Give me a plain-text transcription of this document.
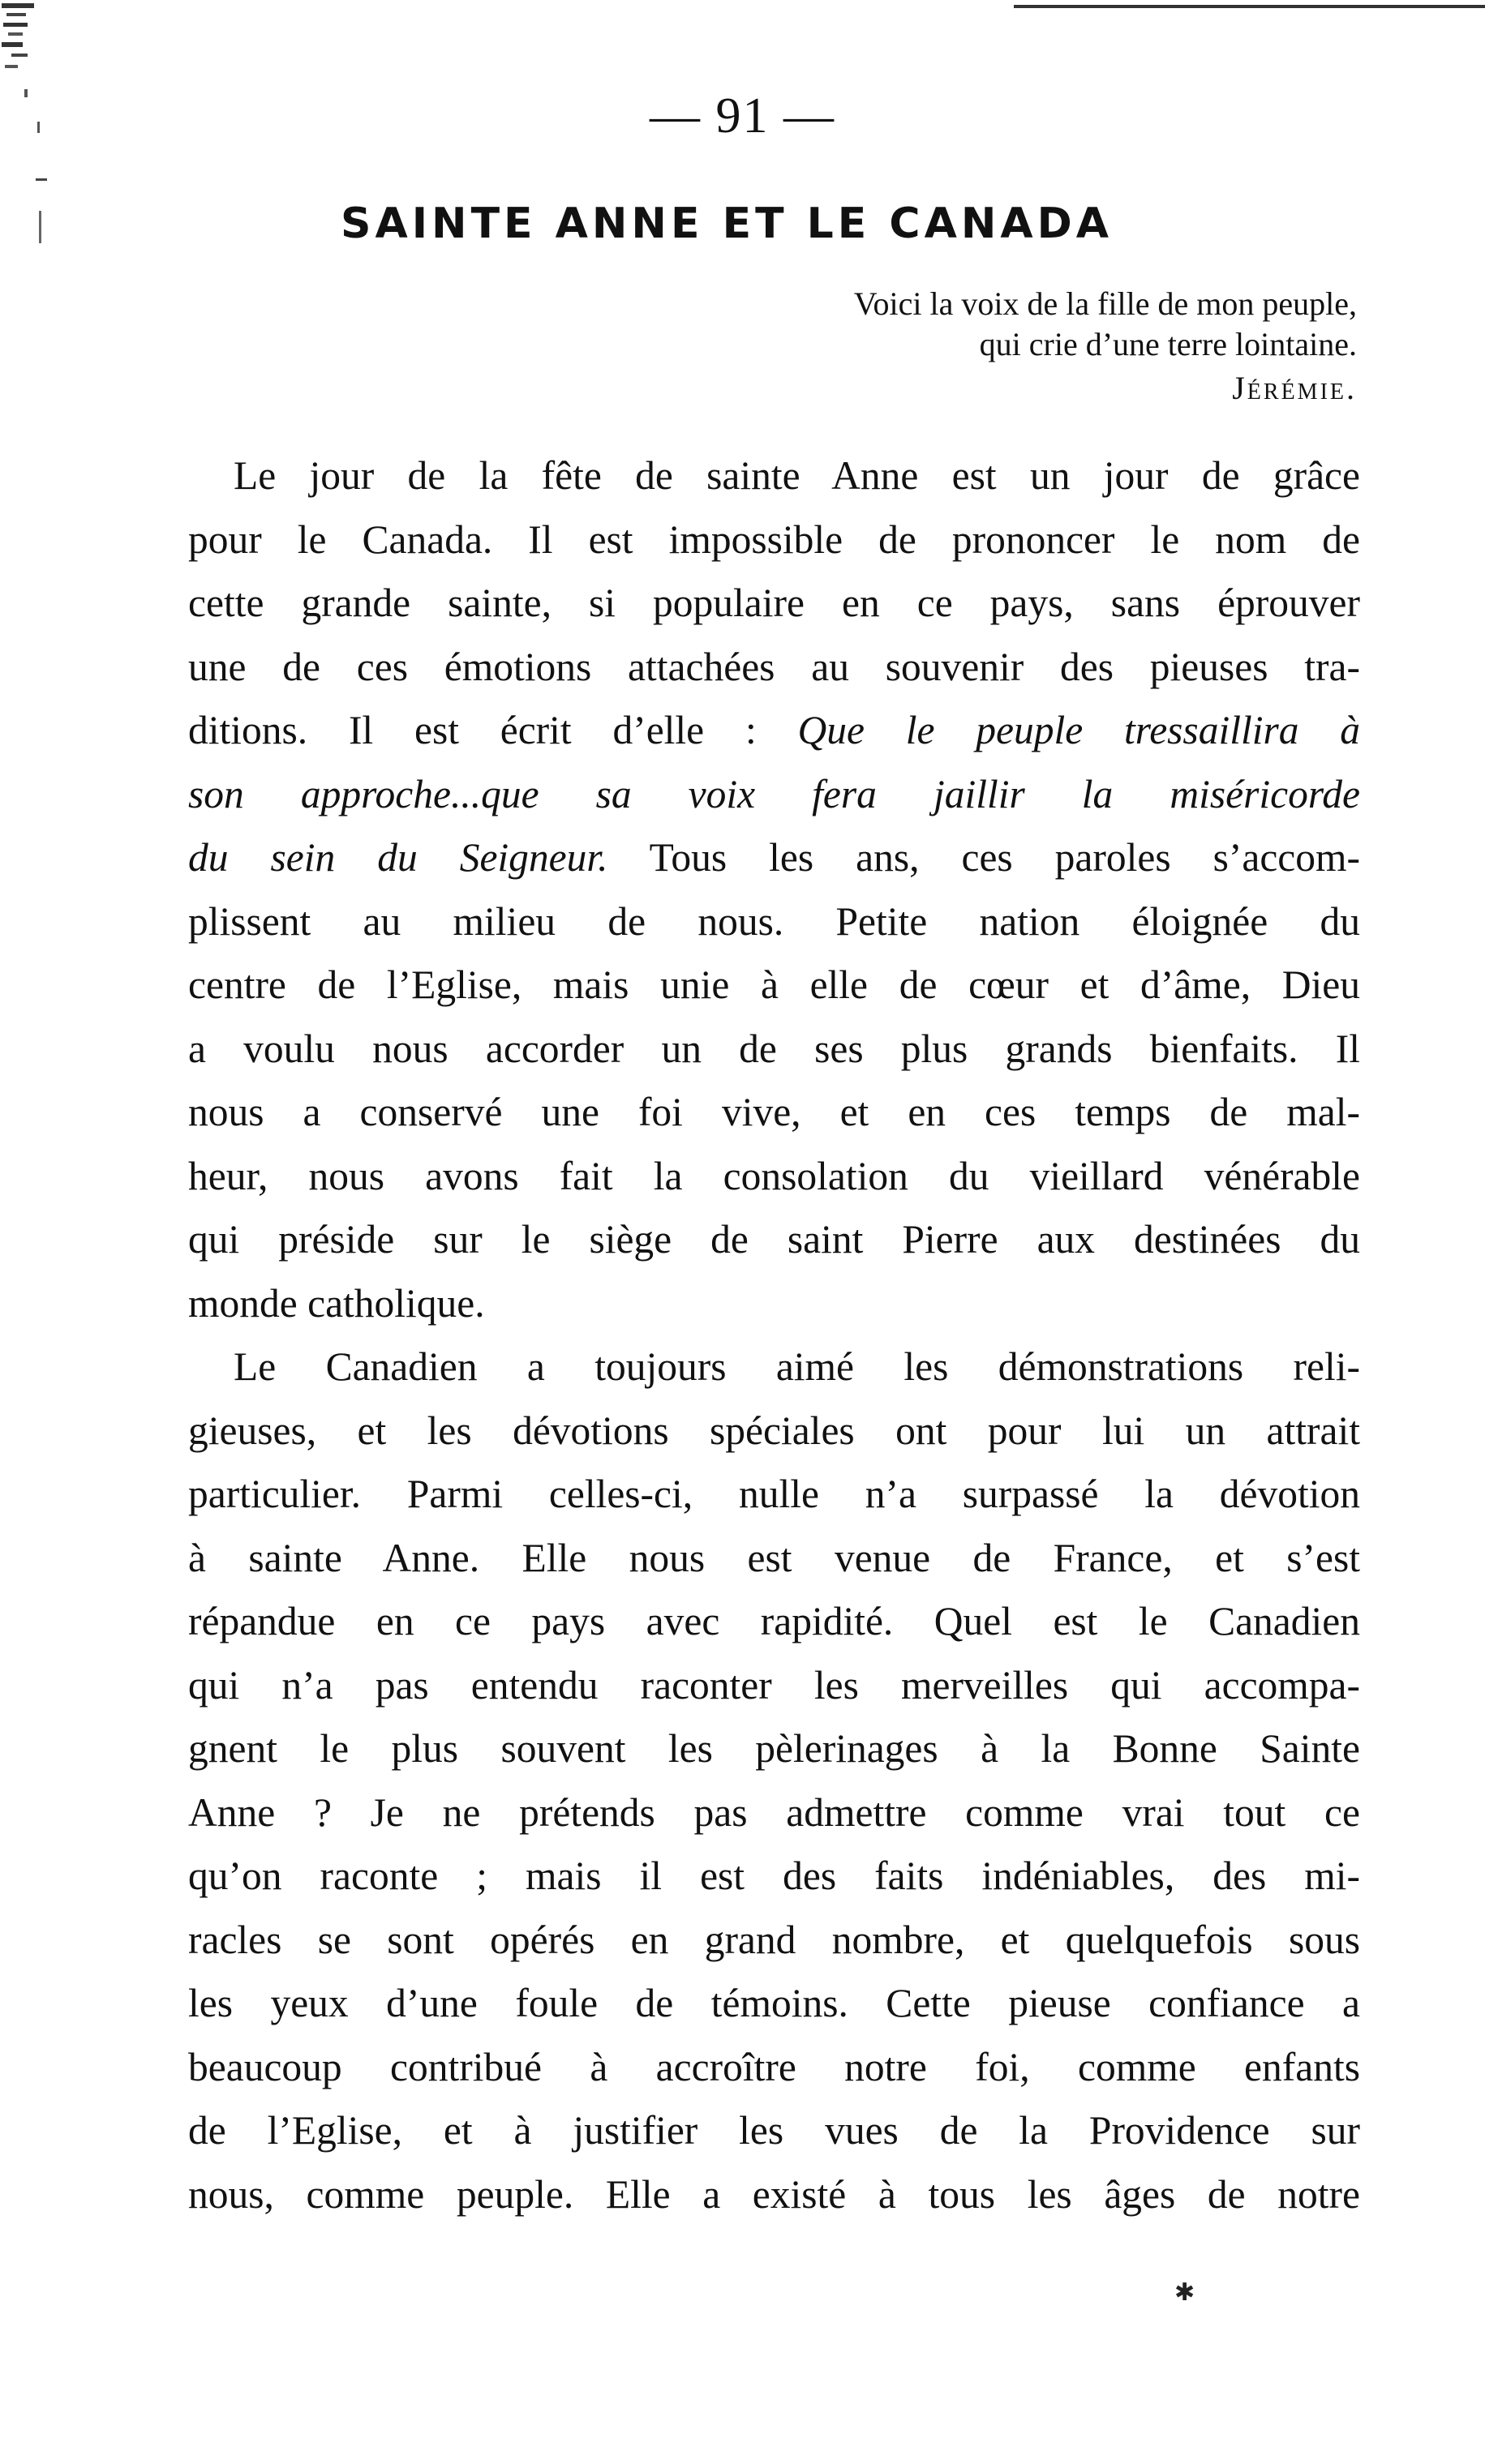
— 91 —
SAINTE ANNE ET LE CANADA
Voici la voix de la fille de mon peuple,
qui crie d’une terre lointaine.
Jérémie.
Le jour de la fête de sainte Anne est un jour de grâce
pour le Canada. Il est impossible de prononcer le nom de
cette grande sainte, si populaire en ce pays, sans éprouver
une de ces émotions attachées au souvenir des pieuses tra-
ditions. Il est écrit d’elle : Que le peuple tressaillira à
son approche...que sa voix fera jaillir la miséricorde
du sein du Seigneur. Tous les ans, ces paroles s’accom-
plissent au milieu de nous. Petite nation éloignée du
centre de l’Eglise, mais unie à elle de cœur et d’âme, Dieu
a voulu nous accorder un de ses plus grands bienfaits. Il
nous a conservé une foi vive, et en ces temps de mal-
heur, nous avons fait la consolation du vieillard vénérable
qui préside sur le siège de saint Pierre aux destinées du
monde catholique.
Le Canadien a toujours aimé les démonstrations reli-
gieuses, et les dévotions spéciales ont pour lui un attrait
particulier. Parmi celles-ci, nulle n’a surpassé la dévotion
à sainte Anne. Elle nous est venue de France, et s’est
répandue en ce pays avec rapidité. Quel est le Canadien
qui n’a pas entendu raconter les merveilles qui accompa-
gnent le plus souvent les pèlerinages à la Bonne Sainte
Anne ? Je ne prétends pas admettre comme vrai tout ce
qu’on raconte ; mais il est des faits indéniables, des mi-
racles se sont opérés en grand nombre, et quelquefois sous
les yeux d’une foule de témoins. Cette pieuse confiance a
beaucoup contribué à accroître notre foi, comme enfants
de l’Eglise, et à justifier les vues de la Providence sur
nous, comme peuple. Elle a existé à tous les âges de notre
✱
